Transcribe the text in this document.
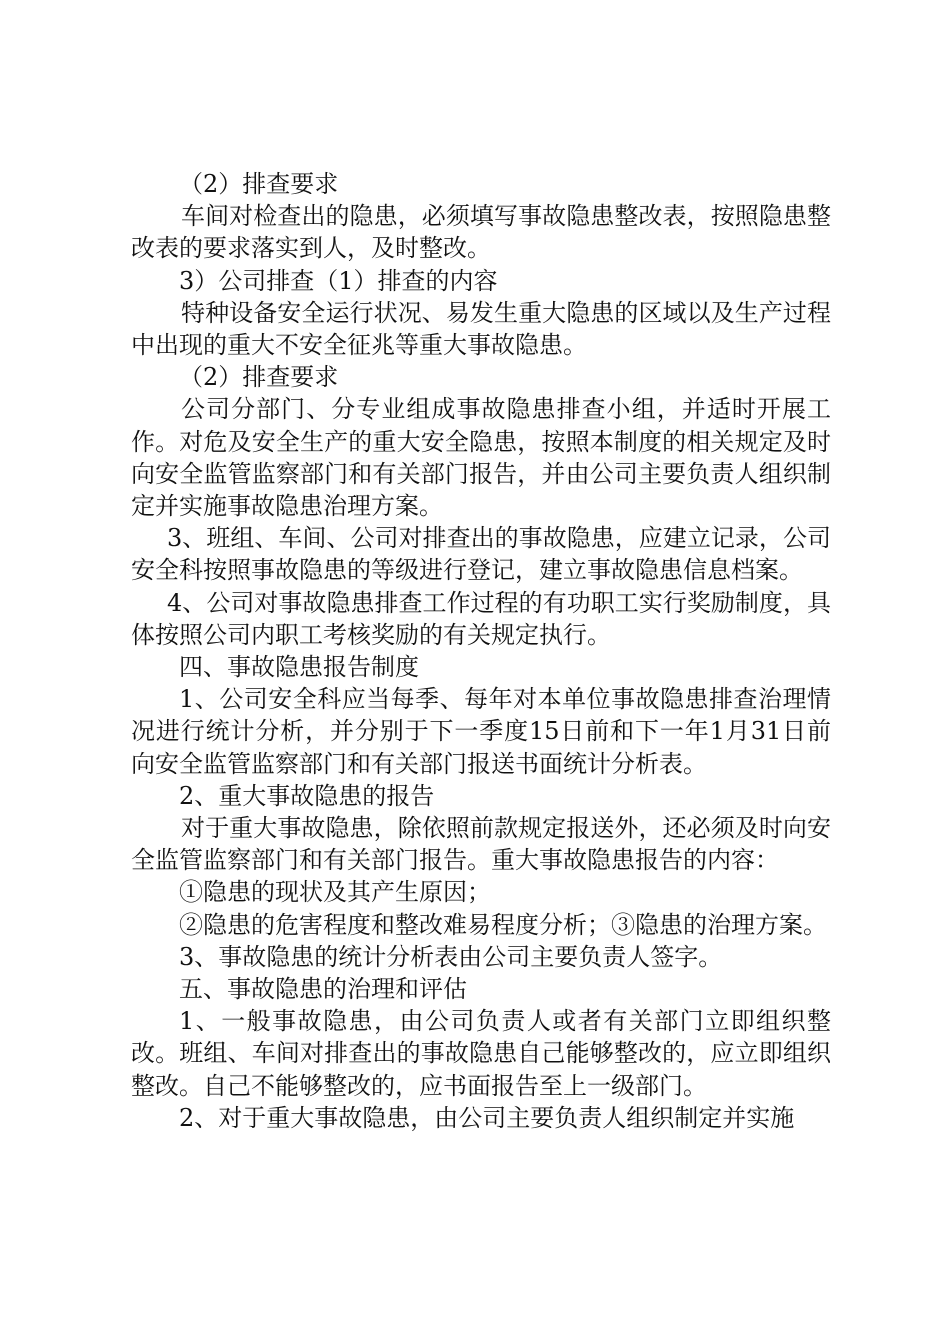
（2）排查要求

车间对检查出的隐患，必须填写事故隐患整改表，按照隐患整改表的要求落实到人，及时整改。

3）公司排查（1）排查的内容

特种设备安全运行状况、易发生重大隐患的区域以及生产过程中出现的重大不安全征兆等重大事故隐患。

（2）排查要求

公司分部门、分专业组成事故隐患排查小组，并适时开展工作。对危及安全生产的重大安全隐患，按照本制度的相关规定及时向安全监管监察部门和有关部门报告，并由公司主要负责人组织制定并实施事故隐患治理方案。

3、班组、车间、公司对排查出的事故隐患，应建立记录，公司安全科按照事故隐患的等级进行登记，建立事故隐患信息档案。

4、公司对事故隐患排查工作过程的有功职工实行奖励制度，具体按照公司内职工考核奖励的有关规定执行。

四、事故隐患报告制度

1、公司安全科应当每季、每年对本单位事故隐患排查治理情况进行统计分析，并分别于下一季度15日前和下一年1月31日前向安全监管监察部门和有关部门报送书面统计分析表。

2、重大事故隐患的报告

对于重大事故隐患，除依照前款规定报送外，还必须及时向安全监管监察部门和有关部门报告。重大事故隐患报告的内容：

①隐患的现状及其产生原因；

②隐患的危害程度和整改难易程度分析；③隐患的治理方案。

3、事故隐患的统计分析表由公司主要负责人签字。

五、事故隐患的治理和评估

1、一般事故隐患，由公司负责人或者有关部门立即组织整改。班组、车间对排查出的事故隐患自己能够整改的，应立即组织整改。自己不能够整改的，应书面报告至上一级部门。

2、对于重大事故隐患，由公司主要负责人组织制定并实施
